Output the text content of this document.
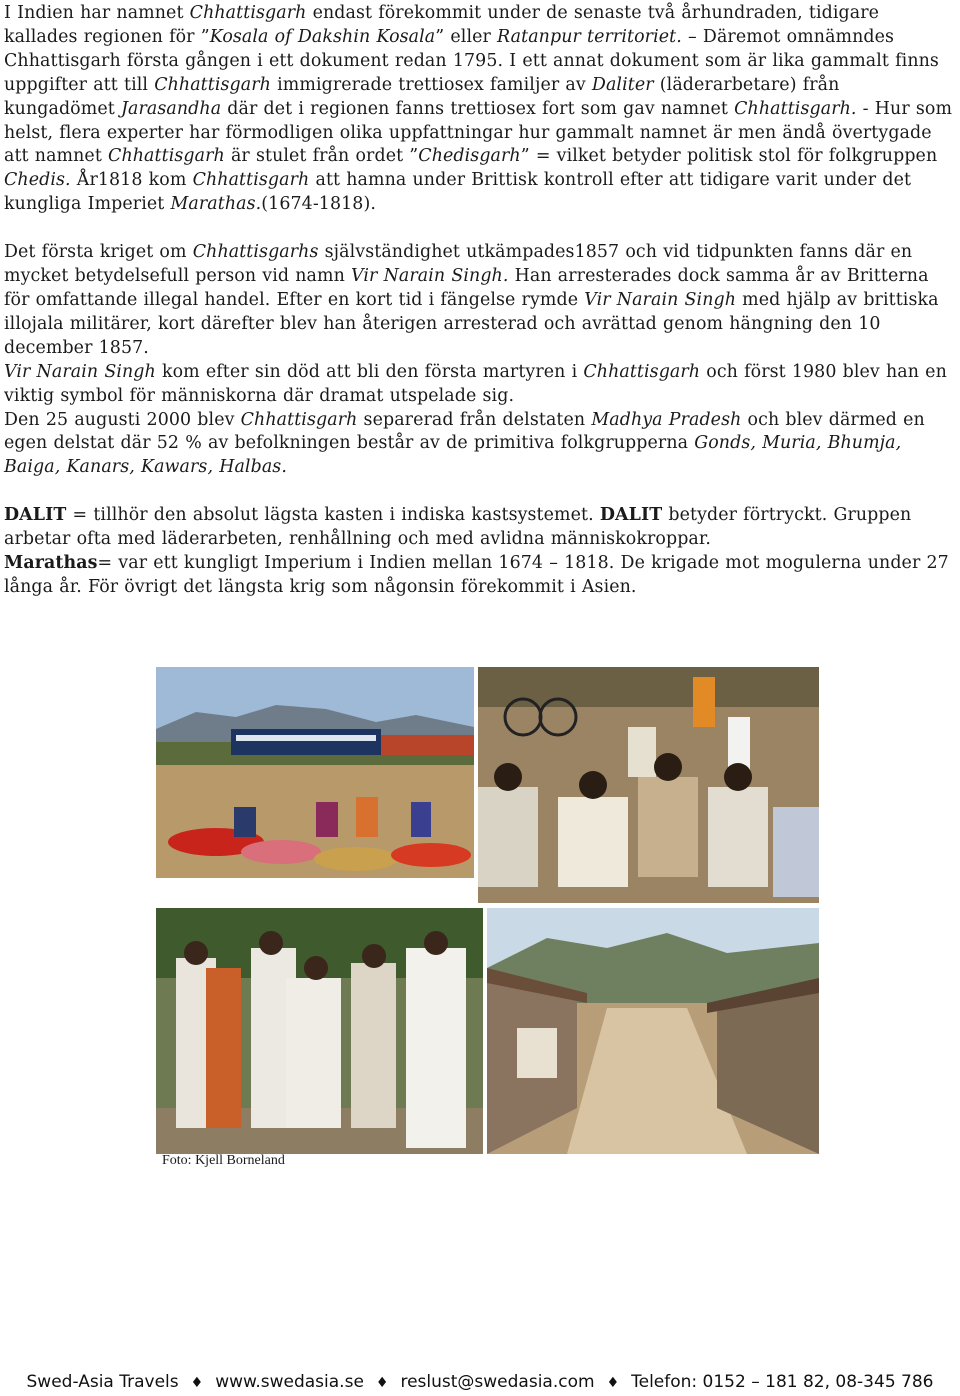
I Indien har namnet Chhattisgarh endast förekommit under de senaste två århundraden, tidigare kallades regionen för ”Kosala of Dakshin Kosala” eller Ratanpur territoriet. – Däremot omnämndes Chhattisgarh första gången i ett dokument redan 1795. I ett annat dokument som är lika gammalt finns uppgifter att till Chhattisgarh immigrerade trettiosex familjer av Daliter (läderarbetare) från kungadömet Jarasandha där det i regionen fanns trettiosex fort som gav namnet Chhattisgarh. - Hur som helst, flera experter har förmodligen olika uppfattningar hur gammalt namnet är men ändå övertygade att namnet Chhattisgarh är stulet från ordet ”Chedisgarh” = vilket betyder politisk stol för folkgruppen Chedis. År1818 kom Chhattisgarh att hamna under Brittisk kontroll efter att tidigare varit under det kungliga Imperiet Marathas.(1674-1818).

Det första kriget om Chhattisgarhs självständighet utkämpades1857 och vid tidpunkten fanns där en mycket betydelsefull person vid namn Vir Narain Singh. Han arresterades dock samma år av Britterna för omfattande illegal handel. Efter en kort tid i fängelse rymde Vir Narain Singh med hjälp av brittiska illojala militärer, kort därefter blev han återigen arresterad och avrättad genom hängning den 10 december 1857.

Vir Narain Singh kom efter sin död att bli den första martyren i Chhattisgarh och först 1980 blev han en viktig symbol för människorna där dramat utspelade sig.

Den 25 augusti 2000 blev Chhattisgarh separerad från delstaten Madhya Pradesh och blev därmed en egen delstat där 52 % av befolkningen består av de primitiva folkgrupperna Gonds, Muria, Bhumja, Baiga, Kanars, Kawars, Halbas.

DALIT = tillhör den absolut lägsta kasten i indiska kastsystemet. DALIT betyder förtryckt. Gruppen arbetar ofta med läderarbeten, renhållning och med avlidna människokroppar.

Marathas= var ett kungligt Imperium i Indien mellan 1674 – 1818. De krigade mot mogulerna under 27 långa år. För övrigt det längsta krig som någonsin förekommit i Asien.

Foto: Kjell Borneland
Swed-Asia Travels ♦ www.swedasia.se ♦ reslust@swedasia.com ♦ Telefon: 0152 – 181 82, 08-345 786
